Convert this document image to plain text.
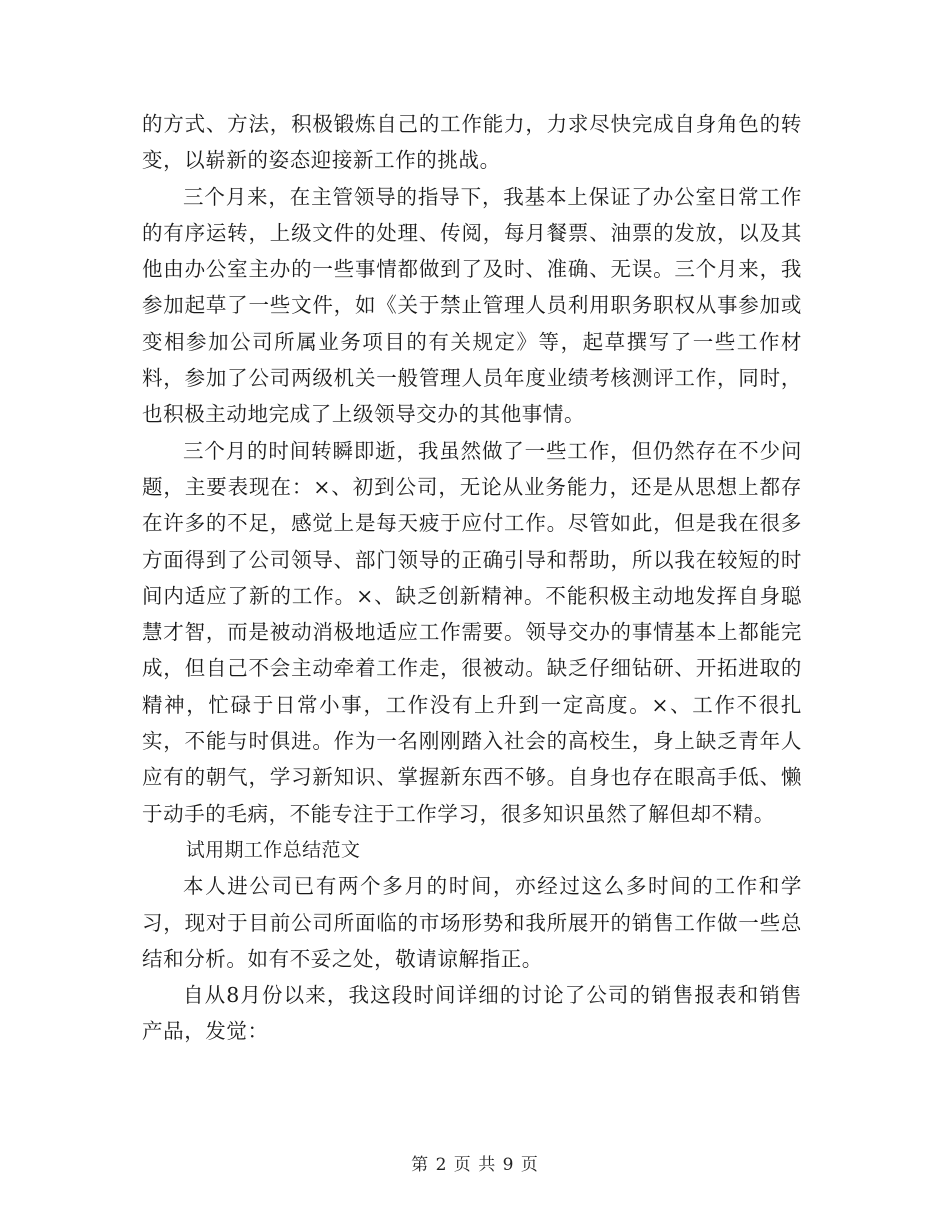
的方式、方法，积极锻炼自己的工作能力，力求尽快完成自身角色的转变，以崭新的姿态迎接新工作的挑战。

三个月来，在主管领导的指导下，我基本上保证了办公室日常工作的有序运转，上级文件的处理、传阅，每月餐票、油票的发放，以及其他由办公室主办的一些事情都做到了及时、准确、无误。三个月来，我参加起草了一些文件，如《关于禁止管理人员利用职务职权从事参加或变相参加公司所属业务项目的有关规定》等，起草撰写了一些工作材料，参加了公司两级机关一般管理人员年度业绩考核测评工作，同时，也积极主动地完成了上级领导交办的其他事情。

三个月的时间转瞬即逝，我虽然做了一些工作，但仍然存在不少问题，主要表现在：×、初到公司，无论从业务能力，还是从思想上都存在许多的不足，感觉上是每天疲于应付工作。尽管如此，但是我在很多方面得到了公司领导、部门领导的正确引导和帮助，所以我在较短的时间内适应了新的工作。×、缺乏创新精神。不能积极主动地发挥自身聪慧才智，而是被动消极地适应工作需要。领导交办的事情基本上都能完成，但自己不会主动牵着工作走，很被动。缺乏仔细钻研、开拓进取的精神，忙碌于日常小事，工作没有上升到一定高度。×、工作不很扎实，不能与时俱进。作为一名刚刚踏入社会的高校生，身上缺乏青年人应有的朝气，学习新知识、掌握新东西不够。自身也存在眼高手低、懒于动手的毛病，不能专注于工作学习，很多知识虽然了解但却不精。

试用期工作总结范文

本人进公司已有两个多月的时间，亦经过这么多时间的工作和学习，现对于目前公司所面临的市场形势和我所展开的销售工作做一些总结和分析。如有不妥之处，敬请谅解指正。

自从8月份以来，我这段时间详细的讨论了公司的销售报表和销售产品，发觉：

第 2 页 共 9 页
